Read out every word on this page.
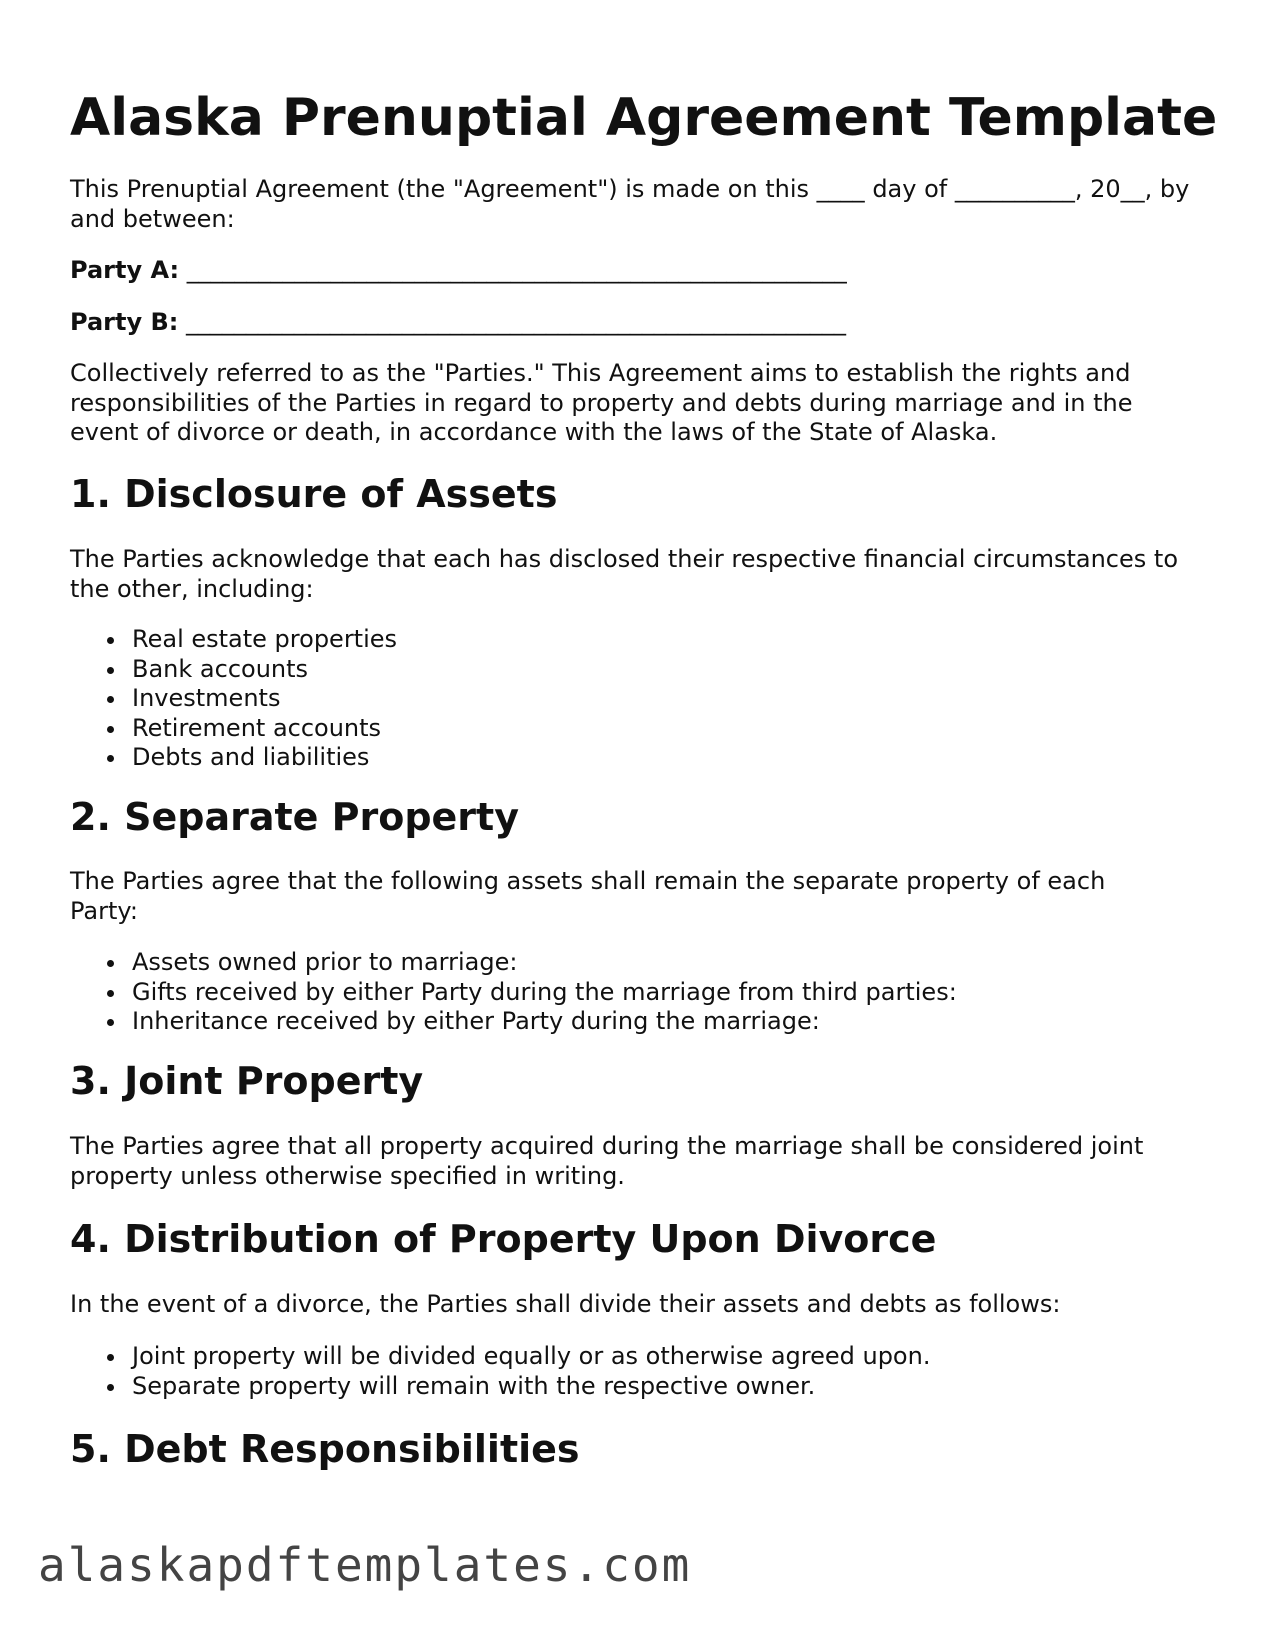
Alaska Prenuptial Agreement Template

This Prenuptial Agreement (the "Agreement") is made on this ____ day of __________, 20__, by and between:

Party A: _______________________________________________________
Party B: _______________________________________________________

Collectively referred to as the "Parties." This Agreement aims to establish the rights and responsibilities of the Parties in regard to property and debts during marriage and in the event of divorce or death, in accordance with the laws of the State of Alaska.

1. Disclosure of Assets

The Parties acknowledge that each has disclosed their respective financial circumstances to the other, including:

Real estate properties
Bank accounts
Investments
Retirement accounts
Debts and liabilities
2. Separate Property

The Parties agree that the following assets shall remain the separate property of each Party:

Assets owned prior to marriage:
Gifts received by either Party during the marriage from third parties:
Inheritance received by either Party during the marriage:
3. Joint Property

The Parties agree that all property acquired during the marriage shall be considered joint property unless otherwise specified in writing.

4. Distribution of Property Upon Divorce

In the event of a divorce, the Parties shall divide their assets and debts as follows:

Joint property will be divided equally or as otherwise agreed upon.
Separate property will remain with the respective owner.
5. Debt Responsibilities
alaskapdftemplates.com
